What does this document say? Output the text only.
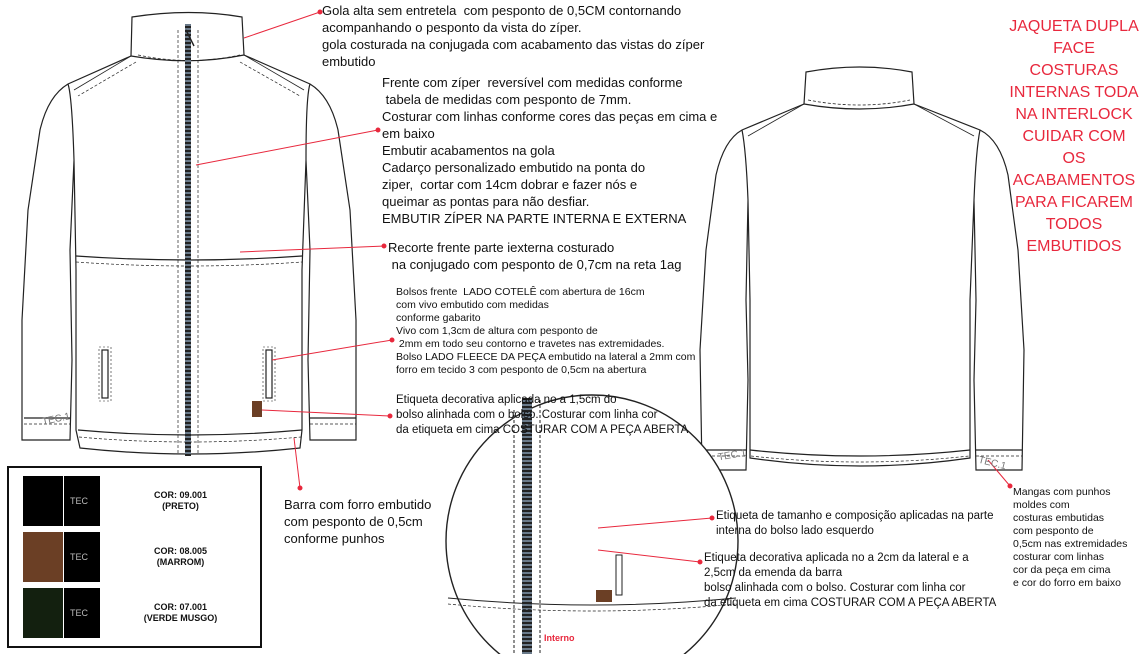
TEC.1
TEC.1	TEC.1
JAQUETA DUPLA
FACE
COSTURAS
INTERNAS TODA
NA INTERLOCK
CUIDAR COM
OS
ACABAMENTOS
PARA FICAREM
TODOS
EMBUTIDOS
Gola alta sem entretela  com pesponto de 0,5CM contornando
acompanhando o pesponto da vista do zíper.
gola costurada na conjugada com acabamento das vistas do zíper
embutido
Frente com zíper  reversível com medidas conforme
tabela de medidas com pesponto de 7mm.
Costurar com linhas conforme cores das peças em cima e
em baixo
Embutir acabamentos na gola
Cadarço personalizado embutido na ponta do
ziper,  cortar com 14cm dobrar e fazer nós e
queimar as pontas para não desfiar.
EMBUTIR ZÍPER NA PARTE INTERNA E EXTERNA
Recorte frente parte iexterna costurado
na conjugado com pesponto de 0,7cm na reta 1ag
Bolsos frente  LADO COTELÊ com abertura de 16cm
com vivo embutido com medidas
conforme gabarito
Vivo com 1,3cm de altura com pesponto de
2mm em todo seu contorno e travetes nas extremidades.
Bolso LADO FLEECE DA PEÇA embutido na lateral a 2mm com
forro em tecido 3 com pesponto de 0,5cm na abertura
Etiqueta decorativa aplicada no a 1,5cm do
bolso alinhada com o bolso. Costurar com linha cor
da etiqueta em cima COSTURAR COM A PEÇA ABERTA
Barra com forro embutido
com pesponto de 0,5cm
conforme punhos
Etiqueta de tamanho e composição aplicadas na parte
interna do bolso lado esquerdo
Etiqueta decorativa aplicada no a 2cm da lateral e a
2,5cm da emenda da barra
bolso alinhada com o bolso. Costurar com linha cor
da etiqueta em cima COSTURAR COM A PEÇA ABERTA
Mangas com punhos
moldes com
costuras embutidas
com pesponto de
0,5cm nas extremidades
costurar com linhas
cor da peça em cima
e cor do forro em baixo
Interno
TEC
COR: 09.001
(PRETO)
TEC
COR: 08.005
(MARROM)
TEC
COR: 07.001
(VERDE MUSGO)
